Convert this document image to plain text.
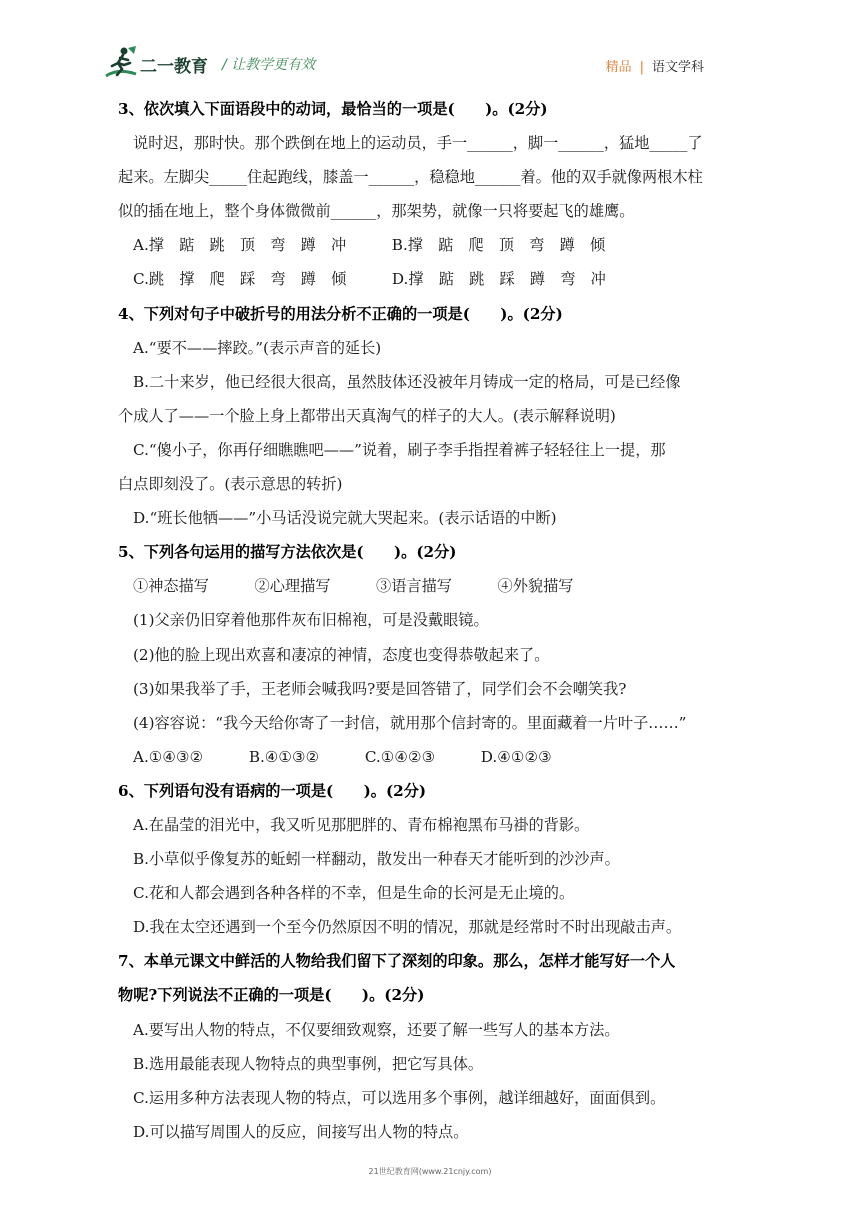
二一教育 / 让教学更有效	精品 | 语文学科
3、依次填入下面语段中的动词，最恰当的一项是(　　)。(2分)
说时迟，那时快。那个跌倒在地上的运动员，手一______，脚一______，猛地_____了
起来。左脚尖_____住起跑线，膝盖一______，稳稳地______着。他的双手就像两根木柱
似的插在地上，整个身体微微前______，那架势，就像一只将要起飞的雄鹰。
A.撑　踮　跳　顶　弯　蹲　冲　　　B.撑　踮　爬　顶　弯　蹲　倾
C.跳　撑　爬　踩　弯　蹲　倾　　　D.撑　踮　跳　踩　蹲　弯　冲
4、下列对句子中破折号的用法分析不正确的一项是(　　)。(2分)
A.“要不——摔跤。”(表示声音的延长)
B.二十来岁，他已经很大很高，虽然肢体还没被年月铸成一定的格局，可是已经像
个成人了——一个脸上身上都带出天真淘气的样子的大人。(表示解释说明)
C.“傻小子，你再仔细瞧瞧吧——”说着，刷子李手指捏着裤子轻轻往上一提，那
白点即刻没了。(表示意思的转折)
D.“班长他牺——”小马话没说完就大哭起来。(表示话语的中断)
5、下列各句运用的描写方法依次是(　　)。(2分)
①神态描写　　　②心理描写　　　③语言描写　　　④外貌描写
(1)父亲仍旧穿着他那件灰布旧棉袍，可是没戴眼镜。
(2)他的脸上现出欢喜和凄凉的神情，态度也变得恭敬起来了。
(3)如果我举了手，王老师会喊我吗?要是回答错了，同学们会不会嘲笑我?
(4)容容说：“我今天给你寄了一封信，就用那个信封寄的。里面藏着一片叶子……”
A.①④③②　　　B.④①③②　　　C.①④②③　　　D.④①②③
6、下列语句没有语病的一项是(　　)。(2分)
A.在晶莹的泪光中，我又听见那肥胖的、青布棉袍黑布马褂的背影。
B.小草似乎像复苏的蚯蚓一样翻动，散发出一种春天才能听到的沙沙声。
C.花和人都会遇到各种各样的不幸，但是生命的长河是无止境的。
D.我在太空还遇到一个至今仍然原因不明的情况，那就是经常时不时出现敲击声。
7、本单元课文中鲜活的人物给我们留下了深刻的印象。那么，怎样才能写好一个人
物呢?下列说法不正确的一项是(　　)。(2分)
A.要写出人物的特点，不仅要细致观察，还要了解一些写人的基本方法。
B.选用最能表现人物特点的典型事例，把它写具体。
C.运用多种方法表现人物的特点，可以选用多个事例，越详细越好，面面俱到。
D.可以描写周围人的反应，间接写出人物的特点。
21世纪教育网(www.21cnjy.com)
